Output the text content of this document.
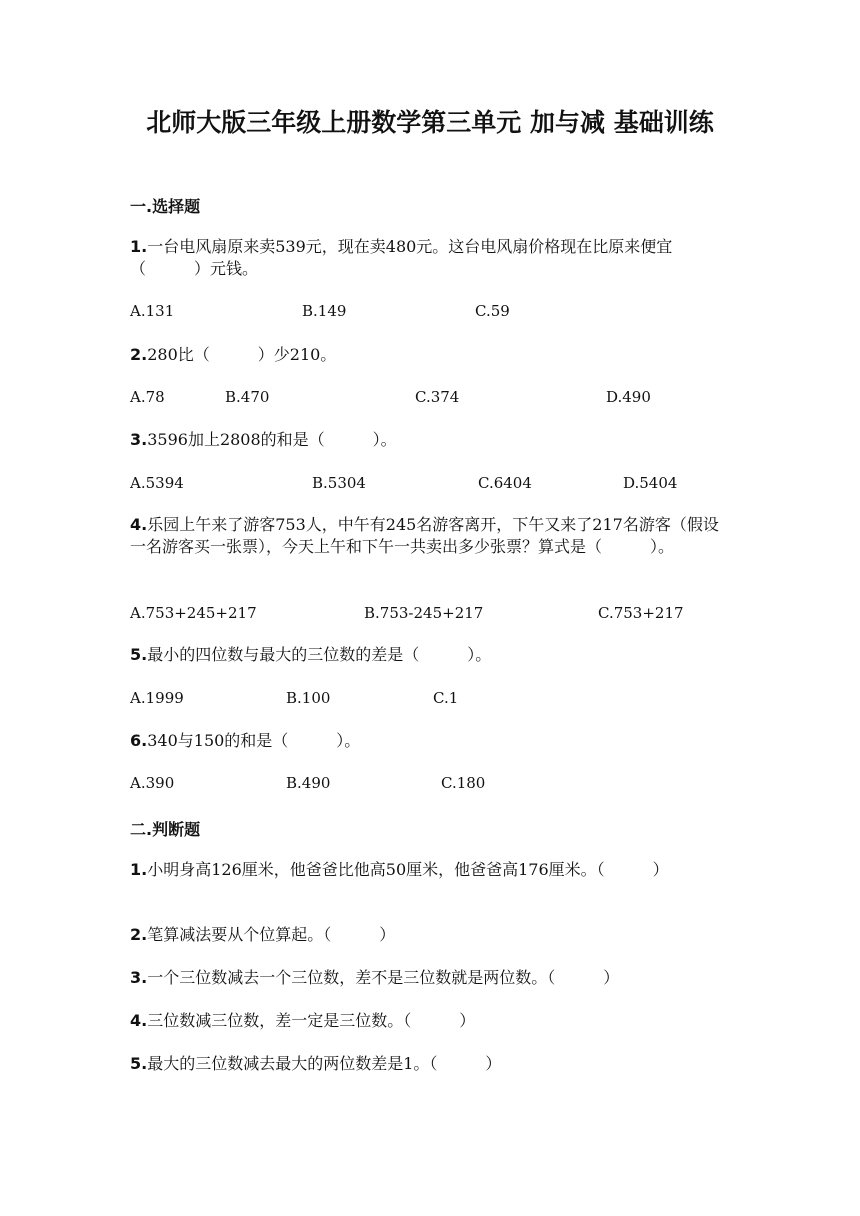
北师大版三年级上册数学第三单元 加与减 基础训练
一.选择题
1.一台电风扇原来卖539元，现在卖480元。这台电风扇价格现在比原来便宜（　　　）元钱。
A.131	B.149	C.59
2.280比（　　　）少210。
A.78	B.470	C.374	D.490
3.3596加上2808的和是（　　　）。
A.5394	B.5304	C.6404	D.5404
4.乐园上午来了游客753人，中午有245名游客离开，下午又来了217名游客（假设一名游客买一张票），今天上午和下午一共卖出多少张票？算式是（　　　）。
A.753+245+217	B.753-245+217	C.753+217
5.最小的四位数与最大的三位数的差是（　　　）。
A.1999	B.100	C.1
6.340与150的和是（　　　）。
A.390	B.490	C.180
二.判断题
1.小明身高126厘米，他爸爸比他高50厘米，他爸爸高176厘米。（　　　）
2.笔算减法要从个位算起。（　　　）
3.一个三位数减去一个三位数，差不是三位数就是两位数。（　　　）
4.三位数减三位数，差一定是三位数。（　　　）
5.最大的三位数减去最大的两位数差是1。（　　　）
